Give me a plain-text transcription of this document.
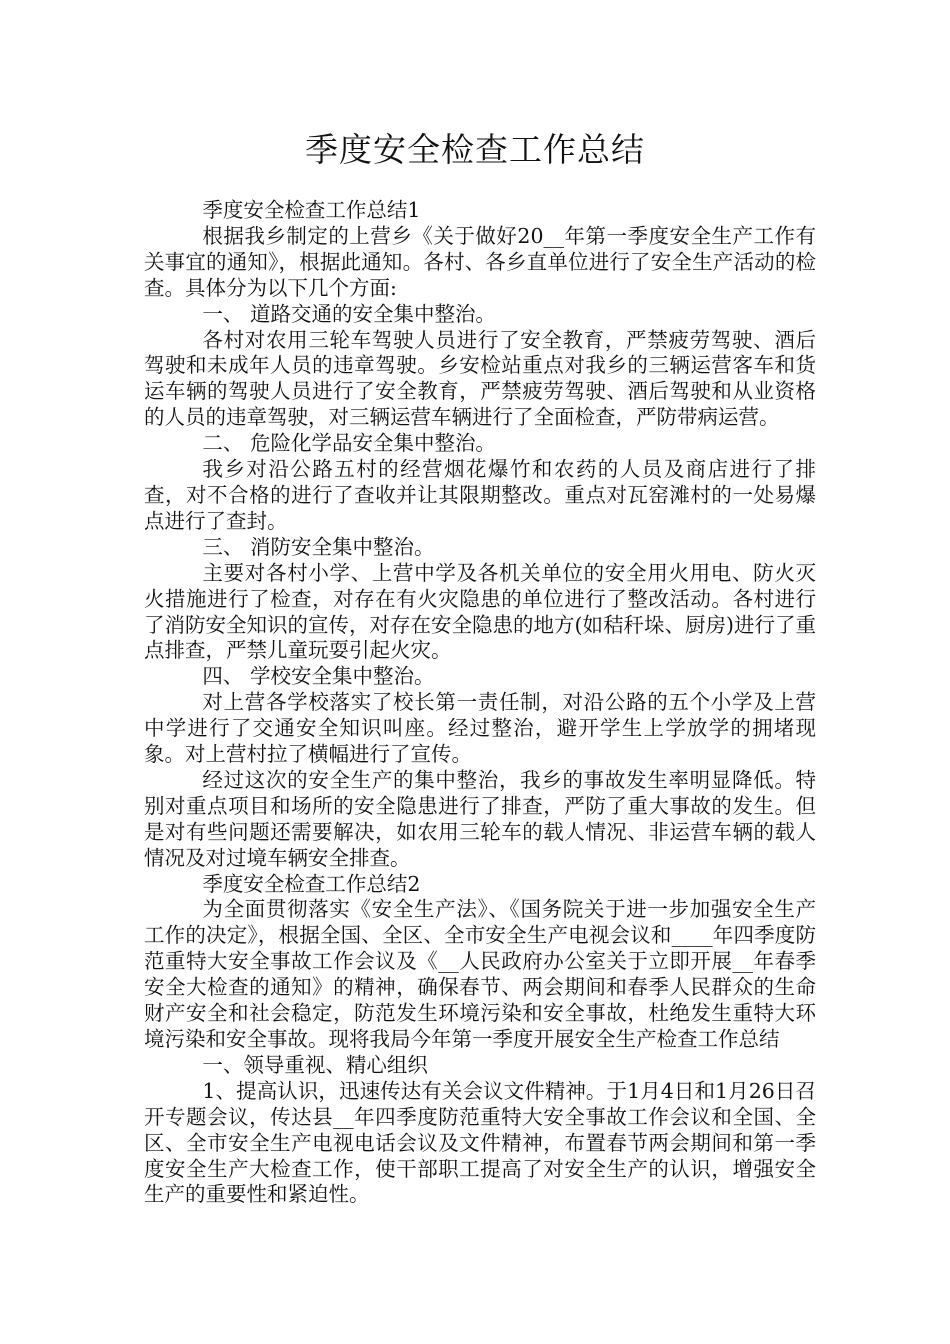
季度安全检查工作总结

季度安全检查工作总结1

根据我乡制定的上营乡《关于做好20__年第一季度安全生产工作有关事宜的通知》，根据此通知。各村、各乡直单位进行了安全生产活动的检查。具体分为以下几个方面:

一、 道路交通的安全集中整治。

各村对农用三轮车驾驶人员进行了安全教育，严禁疲劳驾驶、酒后驾驶和未成年人员的违章驾驶。乡安检站重点对我乡的三辆运营客车和货运车辆的驾驶人员进行了安全教育，严禁疲劳驾驶、酒后驾驶和从业资格的人员的违章驾驶，对三辆运营车辆进行了全面检查，严防带病运营。

二、 危险化学品安全集中整治。

我乡对沿公路五村的经营烟花爆竹和农药的人员及商店进行了排查，对不合格的进行了查收并让其限期整改。重点对瓦窑滩村的一处易爆点进行了查封。

三、 消防安全集中整治。

主要对各村小学、上营中学及各机关单位的安全用火用电、防火灭火措施进行了检查，对存在有火灾隐患的单位进行了整改活动。各村进行了消防安全知识的宣传，对存在安全隐患的地方(如秸秆垛、厨房)进行了重点排查，严禁儿童玩耍引起火灾。

四、 学校安全集中整治。

对上营各学校落实了校长第一责任制，对沿公路的五个小学及上营中学进行了交通安全知识叫座。经过整治，避开学生上学放学的拥堵现象。对上营村拉了横幅进行了宣传。

经过这次的安全生产的集中整治，我乡的事故发生率明显降低。特别对重点项目和场所的安全隐患进行了排查，严防了重大事故的发生。但是对有些问题还需要解决，如农用三轮车的载人情况、非运营车辆的载人情况及对过境车辆安全排查。

季度安全检查工作总结2

为全面贯彻落实《安全生产法》、《国务院关于进一步加强安全生产工作的决定》，根据全国、全区、全市安全生产电视会议和____年四季度防范重特大安全事故工作会议及《__人民政府办公室关于立即开展__年春季安全大检查的通知》的精神，确保春节、两会期间和春季人民群众的生命财产安全和社会稳定，防范发生环境污染和安全事故，杜绝发生重特大环境污染和安全事故。现将我局今年第一季度开展安全生产检查工作总结

一、领导重视、精心组织

1、提高认识，迅速传达有关会议文件精神。于1月4日和1月26日召开专题会议，传达县__年四季度防范重特大安全事故工作会议和全国、全区、全市安全生产电视电话会议及文件精神，布置春节两会期间和第一季度安全生产大检查工作，使干部职工提高了对安全生产的认识，增强安全生产的重要性和紧迫性。
